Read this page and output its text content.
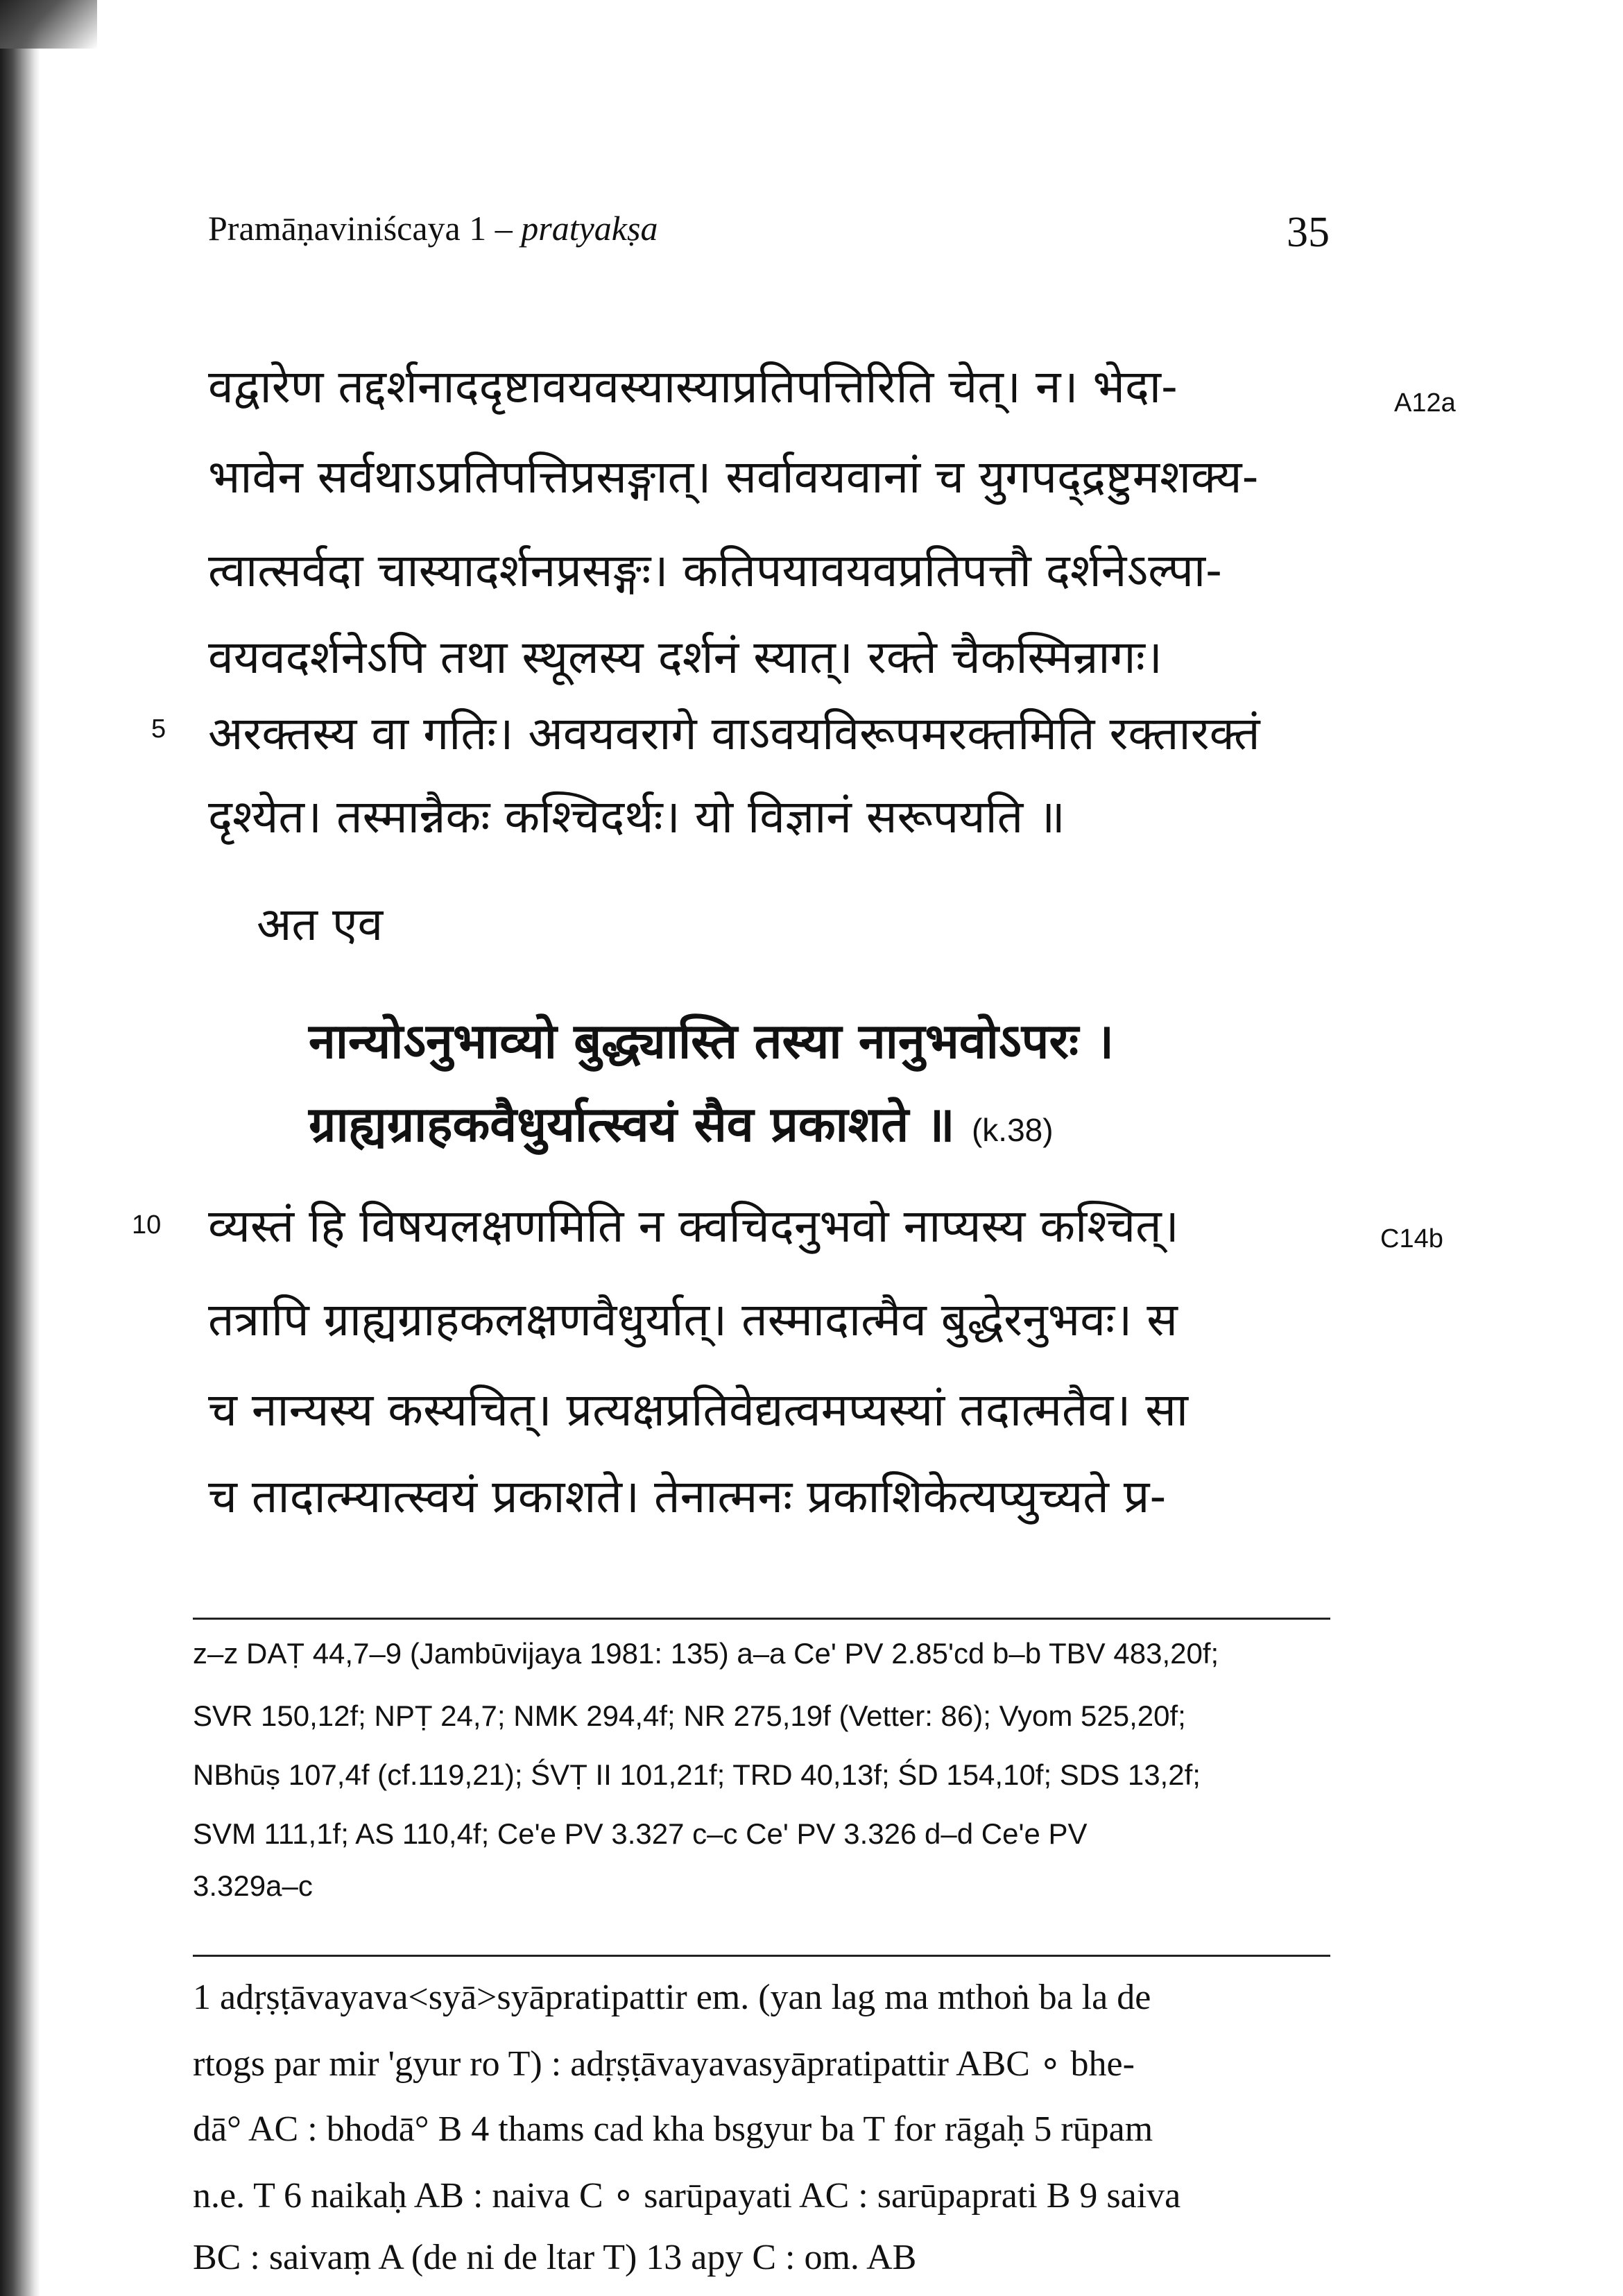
Pramāṇaviniścaya 1 – pratyakṣa	35
वद्वारेण तद्दर्शनाददृष्टावयवस्यास्याप्रतिपत्तिरिति चेत्। न। भेदा-
भावेन सर्वथाऽप्रतिपत्तिप्रसङ्गात्। सर्वावयवानां च युगपद्द्रष्टुमशक्य-
त्वात्सर्वदा चास्यादर्शनप्रसङ्गः। कतिपयावयवप्रतिपत्तौ दर्शनेऽल्पा-
वयवदर्शनेऽपि तथा स्थूलस्य दर्शनं स्यात्। रक्ते चैकस्मिन्रागः।
अरक्तस्य वा गतिः। अवयवरागे वाऽवयविरूपमरक्तमिति रक्तारक्तं
दृश्येत। तस्मान्नैकः कश्चिदर्थः। यो विज्ञानं सरूपयति ॥
A12a
5
अत एव
नान्योऽनुभाव्यो बुद्ध्यास्ति तस्या नानुभवोऽपरः ।
ग्राह्यग्राहकवैधुर्यात्स्वयं सैव प्रकाशते ॥ (k.38)
10	C14b
व्यस्तं हि विषयलक्षणमिति न क्वचिदनुभवो नाप्यस्य कश्चित्।
तत्रापि ग्राह्यग्राहकलक्षणवैधुर्यात्। तस्मादात्मैव बुद्धेरनुभवः। स
च नान्यस्य कस्यचित्। प्रत्यक्षप्रतिवेद्यत्वमप्यस्यां तदात्मतैव। सा
च तादात्म्यात्स्वयं प्रकाशते। तेनात्मनः प्रकाशिकेत्यप्युच्यते प्र-
z–z DAṬ 44,7–9 (Jambūvijaya 1981: 135) a–a Ce' PV 2.85'cd b–b TBV 483,20f;
SVR 150,12f; NPṬ 24,7; NMK 294,4f; NR 275,19f (Vetter: 86); Vyom 525,20f;
NBhūṣ 107,4f (cf.119,21); ŚVṬ II 101,21f; TRD 40,13f; ŚD 154,10f; SDS 13,2f;
SVM 111,1f; AS 110,4f; Ce'e PV 3.327 c–c Ce' PV 3.326 d–d Ce'e PV
3.329a–c
1 adṛṣṭāvayava<syā>syāpratipattir em. (yan lag ma mthoṅ ba la de
rtogs par mir 'gyur ro T) : adṛṣṭāvayavasyāpratipattir ABC ∘ bhe-
dā° AC : bhodā° B 4 thams cad kha bsgyur ba T for rāgaḥ 5 rūpam
n.e. T 6 naikaḥ AB : naiva C ∘ sarūpayati AC : sarūpaprati B 9 saiva
BC : saivaṃ A (de ni de ltar T) 13 apy C : om. AB
